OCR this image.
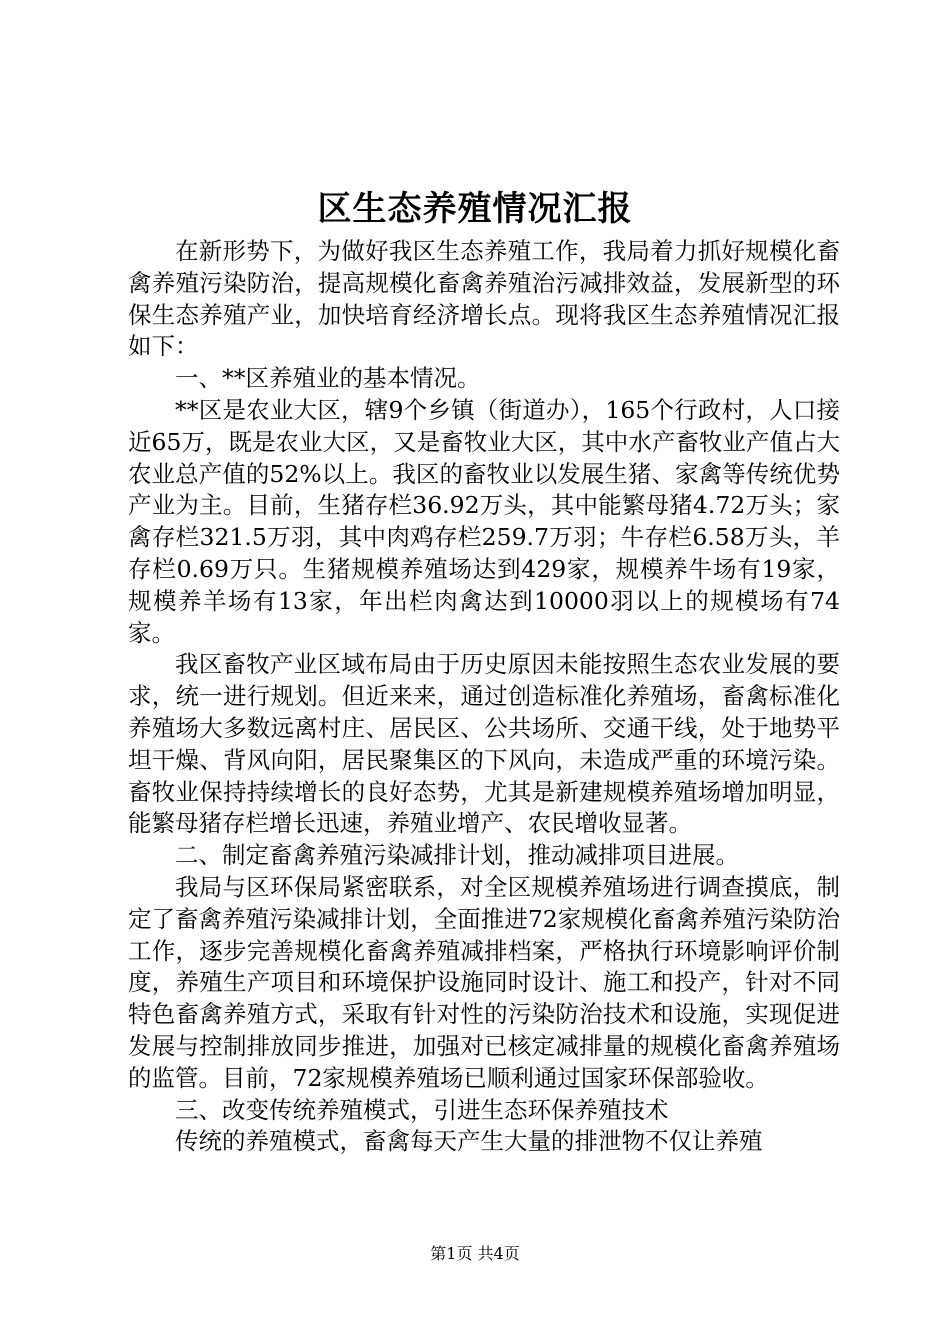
区生态养殖情况汇报

在新形势下，为做好我区生态养殖工作，我局着力抓好规模化畜禽养殖污染防治，提高规模化畜禽养殖治污减排效益，发展新型的环保生态养殖产业，加快培育经济增长点。现将我区生态养殖情况汇报如下：

一、**区养殖业的基本情况。

**区是农业大区，辖9个乡镇（街道办），165个行政村，人口接近65万，既是农业大区，又是畜牧业大区，其中水产畜牧业产值占大农业总产值的52%以上。我区的畜牧业以发展生猪、家禽等传统优势产业为主。目前，生猪存栏36.92万头，其中能繁母猪4.72万头；家禽存栏321.5万羽，其中肉鸡存栏259.7万羽；牛存栏6.58万头，羊存栏0.69万只。生猪规模养殖场达到429家，规模养牛场有19家，规模养羊场有13家，年出栏肉禽达到10000羽以上的规模场有74家。

我区畜牧产业区域布局由于历史原因未能按照生态农业发展的要求，统一进行规划。但近来来，通过创造标准化养殖场，畜禽标准化养殖场大多数远离村庄、居民区、公共场所、交通干线，处于地势平坦干燥、背风向阳，居民聚集区的下风向，未造成严重的环境污染。畜牧业保持持续增长的良好态势，尤其是新建规模养殖场增加明显，能繁母猪存栏增长迅速，养殖业增产、农民增收显著。

二、制定畜禽养殖污染减排计划，推动减排项目进展。

我局与区环保局紧密联系，对全区规模养殖场进行调查摸底，制定了畜禽养殖污染减排计划，全面推进72家规模化畜禽养殖污染防治工作，逐步完善规模化畜禽养殖减排档案，严格执行环境影响评价制度，养殖生产项目和环境保护设施同时设计、施工和投产，针对不同特色畜禽养殖方式，采取有针对性的污染防治技术和设施，实现促进发展与控制排放同步推进，加强对已核定减排量的规模化畜禽养殖场的监管。目前，72家规模养殖场已顺利通过国家环保部验收。

三、改变传统养殖模式，引进生态环保养殖技术

传统的养殖模式，畜禽每天产生大量的排泄物不仅让养殖

第1页 共4页
